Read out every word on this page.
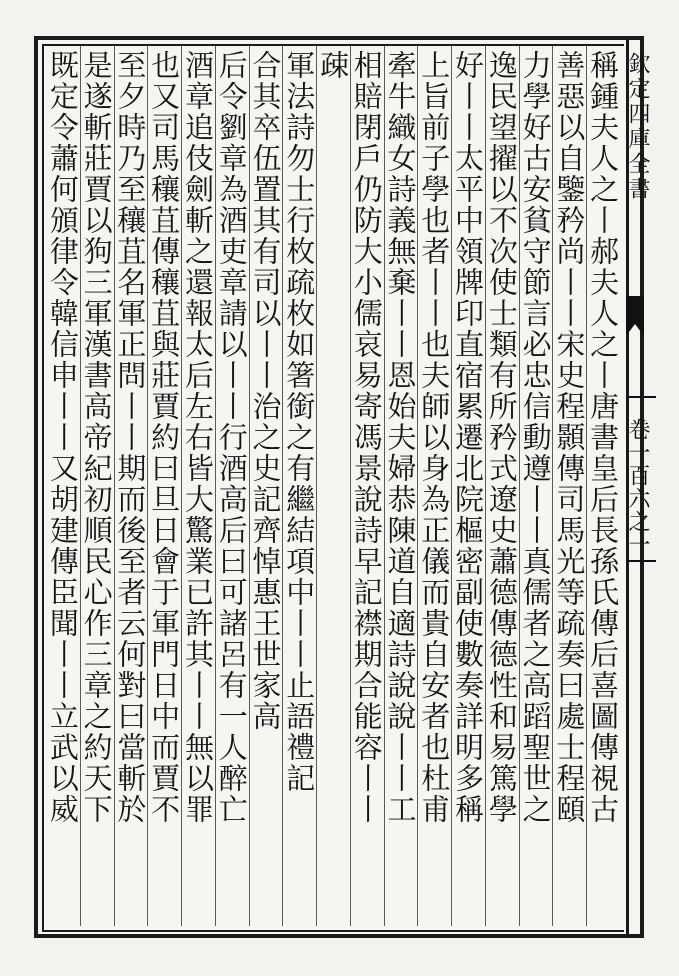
欽定四庫全書
卷一百六之一
稱鍾夫人之丨郝夫人之丨唐書皇后長孫氏傳后喜圖傳視古
善惡以自鑒矜尚丨丨宋史程顥傳司馬光等疏奏曰處士程頤
力學好古安貧守節言必忠信動遵丨丨真儒者之高蹈聖世之
逸民望擢以不次使士類有所矜式遼史蕭德傳德性和易篤學
好丨丨太平中領牌印直宿累遷北院樞密副使數奏詳明多稱
上旨前子學也者丨丨也夫師以身為正儀而貴自安者也杜甫
牽牛織女詩義無棄丨丨恩始夫婦恭陳道自適詩說說丨丨工
相賠閉戶仍防大小儒哀易寄馮景說詩早記襟期合能容丨丨
疎
軍法詩勿士行枚疏枚如箸銜之有繼結項中丨丨止語禮記
合其卒伍置其有司以丨丨治之史記齊悼惠王世家高
后令劉章為酒吏章請以丨丨行酒高后曰可諸呂有一人醉亡
酒章追伎劍斬之還報太后左右皆大驚業已許其丨丨無以罪
也又司馬穰苴傳穰苴與莊賈約曰旦日會于軍門日中而賈不
至夕時乃至穰苴名軍正問丨丨期而後至者云何對曰當斬於
是遂斬莊賈以狗三軍漢書高帝紀初順民心作三章之約天下
既定令蕭何頒律令韓信申丨丨又胡建傳臣聞丨丨立武以威
